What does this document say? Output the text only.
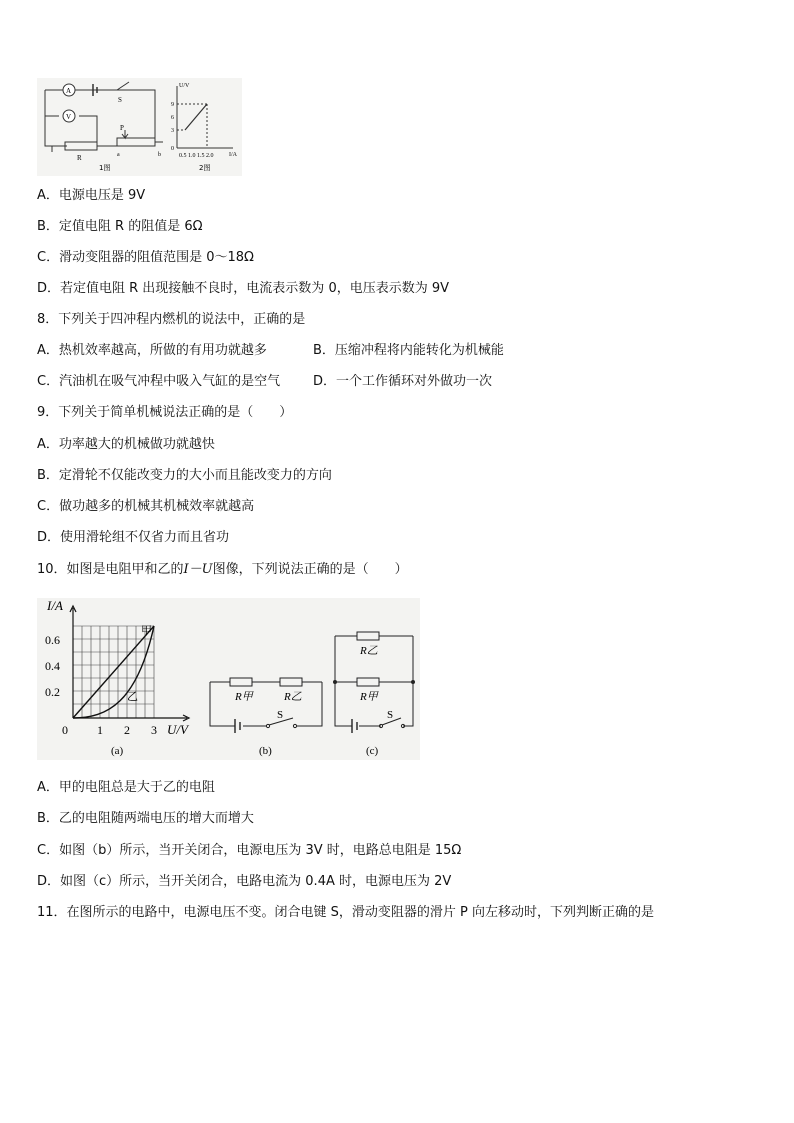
A
V
S
R
P
a	b
1图
U/V
I/A
9
6
3
0
0.5 1.0 1.5 2.0
2图
A．电源电压是 9V
B．定值电阻 R 的阻值是 6Ω
C．滑动变阻器的阻值范围是 0～18Ω
D．若定值电阻 R 出现接触不良时，电流表示数为 0，电压表示数为 9V
8．下列关于四冲程内燃机的说法中，正确的是
A．热机效率越高，所做的有用功就越多	B．压缩冲程将内能转化为机械能
C．汽油机在吸气冲程中吸入气缸的是空气	D．一个工作循环对外做功一次
9．下列关于简单机械说法正确的是（　　）
A．功率越大的机械做功就越快
B．定滑轮不仅能改变力的大小而且能改变力的方向
C．做功越多的机械其机械效率就越高
D．使用滑轮组不仅省力而且省功
10．如图是电阻甲和乙的I－U图像，下列说法正确的是（　　）
I/A
U/V
0.6
0.4
0.2
0 1 2 3
甲
乙
(a)
R甲	R乙
S
(b)
R乙
R甲
S
(c)
A．甲的电阻总是大于乙的电阻
B．乙的电阻随两端电压的增大而增大
C．如图（b）所示，当开关闭合，电源电压为 3V 时，电路总电阻是 15Ω
D．如图（c）所示，当开关闭合，电路电流为 0.4A 时，电源电压为 2V
11．在图所示的电路中，电源电压不变。闭合电键 S，滑动变阻器的滑片 P 向左移动时，下列判断正确的是
